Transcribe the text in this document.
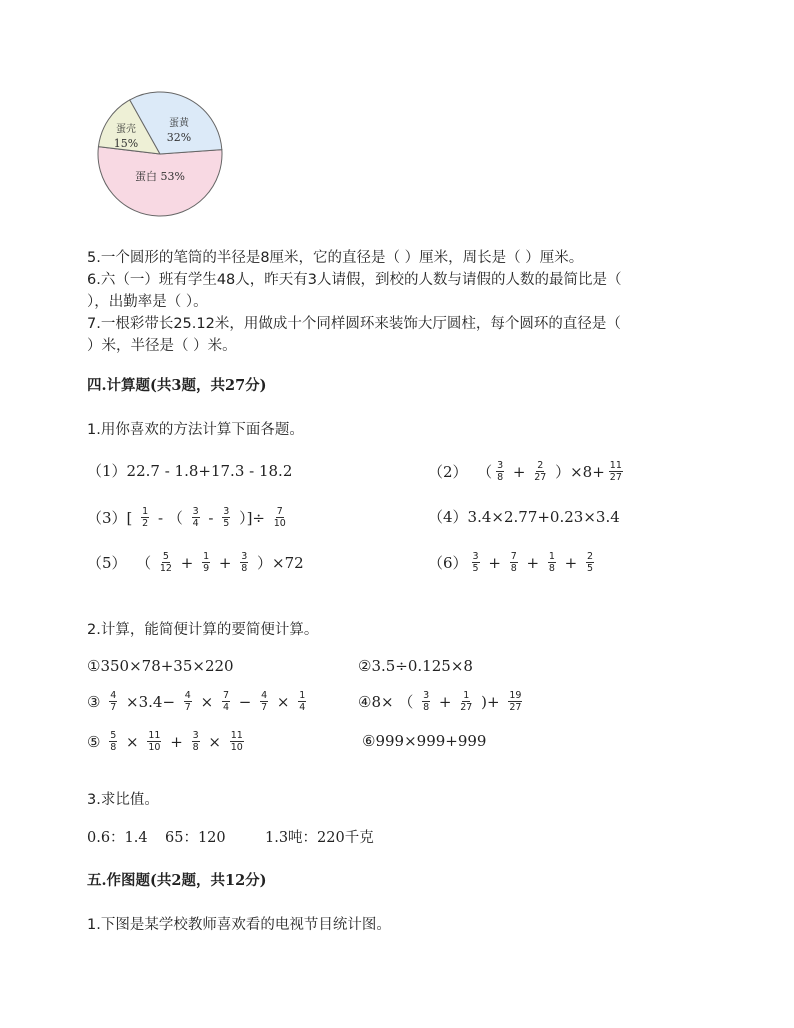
蛋白 53%
蛋壳
15%
蛋黄
32%
5.一个圆形的笔筒的半径是8厘米，它的直径是（ ）厘米，周长是（ ）厘米。
6.六（一）班有学生48人，昨天有3人请假，到校的人数与请假的人数的最简比是（
），出勤率是（ ）。
7.一根彩带长25.12米，用做成十个同样圆环来装饰大厅圆柱，每个圆环的直径是（
）米，半径是（ ）米。
四.计算题(共3题，共27分)
1.用你喜欢的方法计算下面各题。
（1）22.7 - 1.8+17.3 - 18.2	（2）  （ $\frac{3}{8} + \frac{2}{27} )\times 8+ \frac{11}{27}$
$(3)[ \frac{1}{2}$ - （ $\frac{3}{4} - \frac{3}{5}$ ）]÷ $\frac{7}{10}$	（4）3.4×2.77+0.23×3.4
（5）  （ $\frac{5}{12} + \frac{1}{9} + \frac{3}{8} )\times 72$	$(6) \frac{3}{5} + \frac{7}{8} + \frac{1}{8} + \frac{2}{5}$
2.计算，能简便计算的要简便计算。
①350×78+35×220	②3.5÷0.125×8
③ $\frac{4}{7} \times 3.4- \frac{4}{7} \times \frac{7}{4} - \frac{4}{7} \times \frac{1}{4}$	④8× （ $\frac{3}{8} + \frac{1}{27}$ )+ $\frac{19}{27}$
⑤ $\frac{5}{8} \times \frac{11}{10} + \frac{3}{8} \times \frac{11}{10}$	⑥999×999+999
3.求比值。
0.6：1.4 65：120	1.3吨：220千克
五.作图题(共2题，共12分)
1.下图是某学校教师喜欢看的电视节目统计图。
